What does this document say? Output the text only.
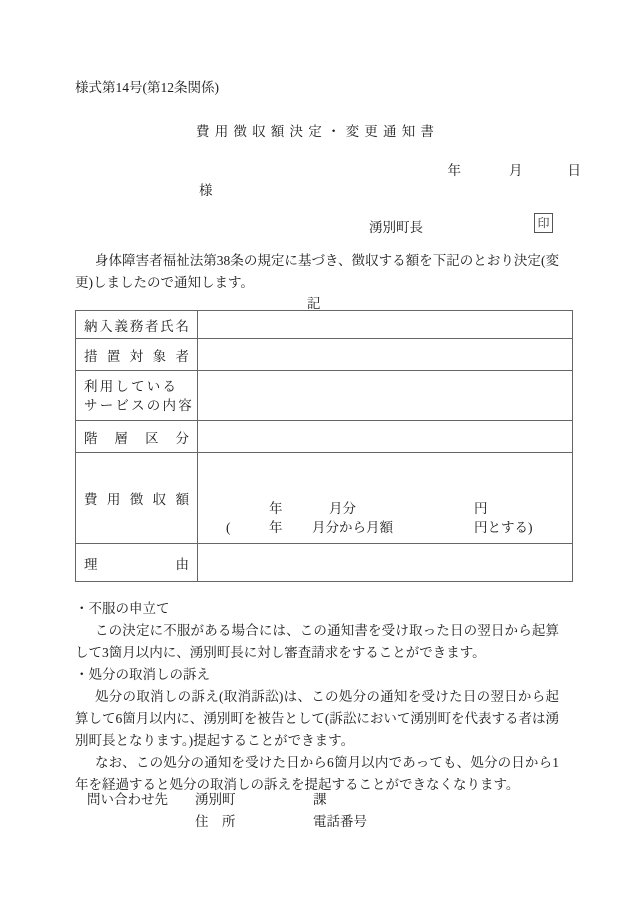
様式第14号(第12条関係)
費用徴収額決定・変更通知書

年	月	日

様
湧別町長	印
身体障害者福祉法第38条の規定に基づき、徴収する額を下記のとおり決定(変更)しましたので通知します。
記
納入義務者氏名	

措置対象者	

利用している
サービスの内容	

階層区分	

費用徴収額

年	月分	円
(	年 月分から月額	円とする)

理由	

・不服の申立て
この決定に不服がある場合には、この通知書を受け取った日の翌日から起算して3箇月以内に、湧別町長に対し審査請求をすることができます。
・処分の取消しの訴え
処分の取消しの訴え(取消訴訟)は、この処分の通知を受けた日の翌日から起算して6箇月以内に、湧別町を被告として(訴訟において湧別町を代表する者は湧別町長となります。)提起することができます。
なお、この処分の通知を受けた日から6箇月以内であっても、処分の日から1年を経過すると処分の取消しの訴えを提起することができなくなります。
問い合わせ先 湧別町	課
住　所	電話番号
